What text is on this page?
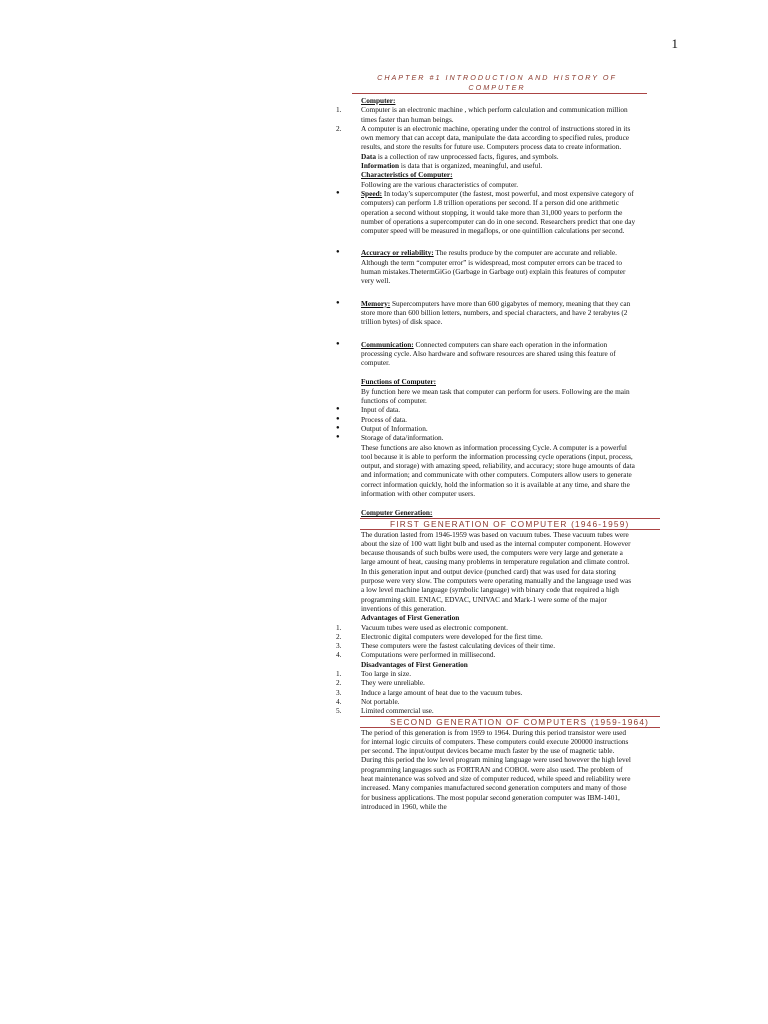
1
CHAPTER #1 INTRODUCTION AND HISTORY OF COMPUTER
Computer:
1.	Computer is an electronic machine , which perform calculation and communication million times faster than human beings.
2.	A computer is an electronic machine, operating under the control of instructions stored in its own memory that can accept data, manipulate the data according to specified rules, produce results, and store the results for future use. Computers process data to create information.
Data is a collection of raw unprocessed facts, figures, and symbols.
Information is data that is organized, meaningful, and useful.
Characteristics of Computer:
Following are the various characteristics of computer.
●	Speed: In today’s supercomputer (the fastest, most powerful, and most expensive category of computers) can perform 1.8 trillion operations per second. If a person did one arithmetic operation a second without stopping, it would take more than 31,000 years to perform the number of operations a supercomputer can do in one second. Researchers predict that one day computer speed will be measured in megaflops, or one quintillion calculations per second.
●	Accuracy or reliability: The results produce by the computer are accurate and reliable. Although the term “computer error” is widespread, most computer errors can be traced to human mistakes.ThetermGiGo (Garbage in Garbage out) explain this features of computer very well.
●	Memory: Supercomputers have more than 600 gigabytes of memory, meaning that they can store more than 600 billion letters, numbers, and special characters, and have 2 terabytes (2 trillion bytes) of disk space.
●	Communication: Connected computers can share each operation in the information processing cycle. Also hardware and software resources are shared using this feature of computer.
Functions of Computer:
By function here we mean task that computer can perform for users. Following are the main functions of computer.
●	Input of data.
●	Process of data.
●	Output of Information.
●	Storage of data/information.
These functions are also known as information processing Cycle. A computer is a powerful tool because it is able to perform the information processing cycle operations (input, process, output, and storage) with amazing speed, reliability, and accuracy; store huge amounts of data and information; and communicate with other computers. Computers allow users to generate correct information quickly, hold the information so it is available at any time, and share the information with other computer users.
Computer Generation:
FIRST GENERATION OF COMPUTER (1946-1959)
The duration lasted from 1946-1959 was based on vacuum tubes. These vacuum tubes were about the size of 100 watt light bulb and used as the internal computer component. However because thousands of such bulbs were used, the computers were very large and generate a large amount of heat, causing many problems in temperature regulation and climate control.
In this generation input and output device (punched card) that was used for data storing purpose were very slow. The computers were operating manually and the language used was a low level machine language (symbolic language) with binary code that required a high programming skill. ENIAC, EDVAC, UNIVAC and Mark-1 were some of the major inventions of this generation.
Advantages of First Generation
1.	Vacuum tubes were used as electronic component.
2.	Electronic digital computers were developed for the first time.
3.	These computers were the fastest calculating devices of their time.
4.	Computations were performed in millisecond.
Disadvantages of First Generation
1.	Too large in size.
2.	They were unreliable.
3.	Induce a large amount of heat due to the vacuum tubes.
4.	Not portable.
5.	Limited commercial use.
SECOND GENERATION OF COMPUTERS (1959-1964)
The period of this generation is from 1959 to 1964. During this period transistor were used for internal logic circuits of computers. These computers could execute 200000 instructions per second. The input/output devices became much faster by the use of magnetic table. During this period the low level program mining language were used however the high level programming languages such as FORTRAN and COBOL were also used. The problem of heat maintenance was solved and size of computer reduced, while speed and reliability were increased. Many companies manufactured second generation computers and many of those for business applications. The most popular second generation computer was IBM-1401, introduced in 1960, while the
